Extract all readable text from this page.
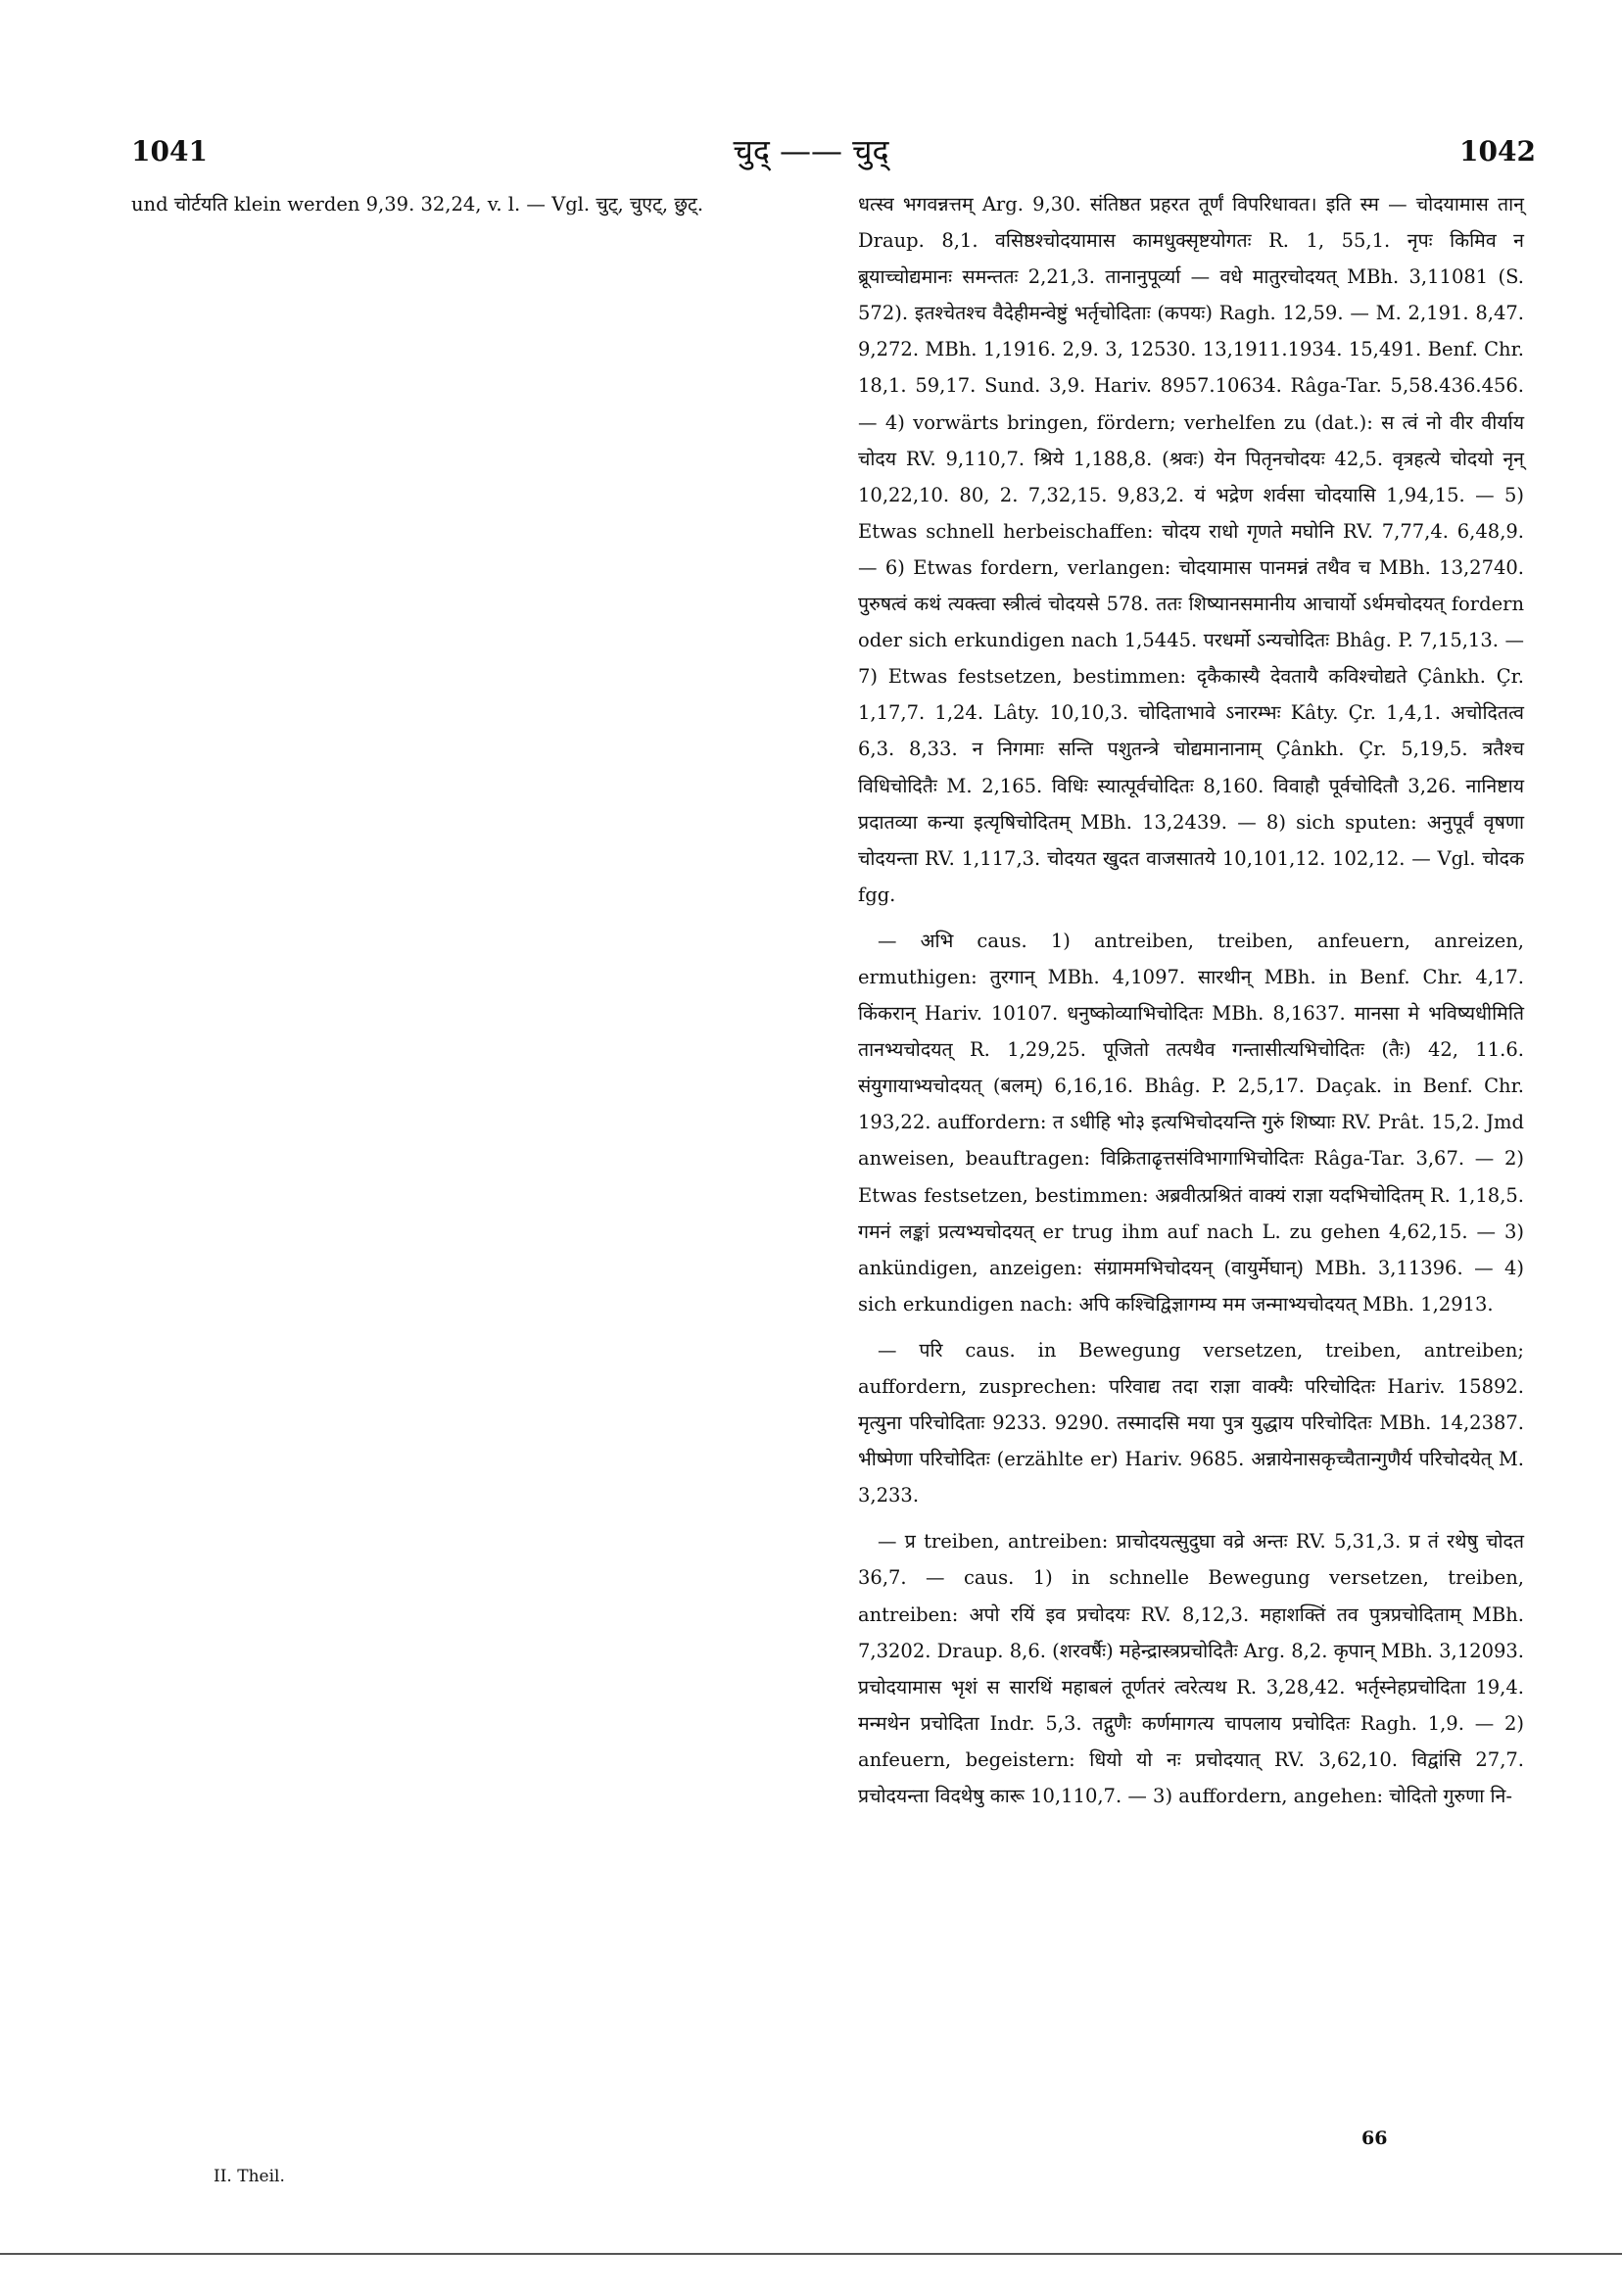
1041	चुद् —— चुद्	1042

und चोर्टयति klein werden 9,39. 32,24, v. l. — Vgl. चुट्, चुएट्, छुट्.	धत्स्व भगवन्नत्तम् Arg. 9,30. संतिष्ठत प्रहरत तूर्णं विपरिधावत। इति स्म — चोदयामास तान् Draup. 8,1. वसिष्ठश्चोदयामास कामधुक्सृष्टयोगतः R. 1, 55,1. नृपः किमिव न ब्रूयाच्चोद्यमानः समन्ततः 2,21,3. तानानुपूर्व्या — वधे मातुरचोदयत् MBh. 3,11081 (S. 572). इतश्चेतश्च वैदेहीमन्वेष्टुं भर्तृचोदिताः (कपयः) Ragh. 12,59. — M. 2,191. 8,47. 9,272. MBh. 1,1916. 2,9. 3, 12530. 13,1911.1934. 15,491. Benf. Chr. 18,1. 59,17. Sund. 3,9. Hariv. 8957.10634. Râga-Tar. 5,58.436.456. — 4) vorwärts bringen, fördern; verhelfen zu (dat.): स त्वं नो वीर वीर्याय चोदय RV. 9,110,7. श्रिये 1,188,8. (श्रवः) येन पितृनचोदयः 42,5. वृत्रहत्ये चोदयो नृन् 10,22,10. 80, 2. 7,32,15. 9,83,2. यं भद्रेण शर्वसा चोदयासि 1,94,15. — 5) Etwas schnell herbeischaffen: चोदय राधो गृणते मघोनि RV. 7,77,4. 6,48,9. — 6) Etwas fordern, verlangen: चोदयामास पानमन्नं तथैव च MBh. 13,2740. पुरुषत्वं कथं त्यक्त्वा स्त्रीत्वं चोदयसे 578. ततः शिष्यानसमानीय आचार्यो ऽर्थमचोदयत् fordern oder sich erkundigen nach 1,5445. परधर्मो ऽन्यचोदितः Bhâg. P. 7,15,13. — 7) Etwas festsetzen, bestimmen: दृकैकास्यै देवतायै कविश्चोद्यते Çânkh. Çr. 1,17,7. 1,24. Lâty. 10,10,3. चोदिताभावे ऽनारम्भः Kâty. Çr. 1,4,1. अचोदितत्व 6,3. 8,33. न निगमाः सन्ति पशुतन्त्रे चोद्यमानानाम् Çânkh. Çr. 5,19,5. त्रतैश्च विधिचोदितैः M. 2,165. विधिः स्यात्पूर्वचोदितः 8,160. विवाहौ पूर्वचोदितौ 3,26. नानिष्टाय प्रदातव्या कन्या इत्यृषिचोदितम् MBh. 13,2439. — 8) sich sputen: अनुपूर्वं वृषणा चोदयन्ता RV. 1,117,3. चोदयत खुदत वाजसातये 10,101,12. 102,12. — Vgl. चोदक fgg.

— अभि caus. 1) antreiben, treiben, anfeuern, anreizen, ermuthigen: तुरगान् MBh. 4,1097. सारथीन् MBh. in Benf. Chr. 4,17. किंकरान् Hariv. 10107. धनुष्कोव्याभिचोदितः MBh. 8,1637. मानसा मे भविष्यधीमिति तानभ्यचोदयत् R. 1,29,25. पूजितो तत्पथैव गन्तासीत्यभिचोदितः (तैः) 42, 11.6. संयुगायाभ्यचोदयत् (बलम्) 6,16,16. Bhâg. P. 2,5,17. Daçak. in Benf. Chr. 193,22. auffordern: त ऽधीहि भो३ इत्यभिचोदयन्ति गुरुं शिष्याः RV. Prât. 15,2. Jmd anweisen, beauftragen: विक्रिताढृत्तसंविभागाभिचोदितः Râga-Tar. 3,67. — 2) Etwas festsetzen, bestimmen: अब्रवीत्प्रश्रितं वाक्यं राज्ञा यदभिचोदितम् R. 1,18,5. गमनं लङ्कां प्रत्यभ्यचोदयत् er trug ihm auf nach L. zu gehen 4,62,15. — 3) ankündigen, anzeigen: संग्राममभिचोदयन् (वायुर्मेघान्) MBh. 3,11396. — 4) sich erkundigen nach: अपि कश्चिद्विज्ञागम्य मम जन्माभ्यचोदयत् MBh. 1,2913.

— परि caus. in Bewegung versetzen, treiben, antreiben; auffordern, zusprechen: परिवाद्य तदा राज्ञा वाक्यैः परिचोदितः Hariv. 15892. मृत्युना परिचोदिताः 9233. 9290. तस्मादसि मया पुत्र युद्धाय परिचोदितः MBh. 14,2387. भीष्मेणा परिचोदितः (erzählte er) Hariv. 9685. अन्नायेनासकृच्चैतान्गुणैर्य परिचोदयेत् M. 3,233.

— प्र treiben, antreiben: प्राचोदयत्सुदुघा वव्रे अन्तः RV. 5,31,3. प्र तं रथेषु चोदत 36,7. — caus. 1) in schnelle Bewegung versetzen, treiben, antreiben: अपो रयिं इव प्रचोदयः RV. 8,12,3. महाशक्तिं तव पुत्रप्रचोदिताम् MBh. 7,3202. Draup. 8,6. (शरवर्षैः) महेन्द्रास्त्रप्रचोदितैः Arg. 8,2. कृपान् MBh. 3,12093. प्रचोदयामास भृशं स सारथिं महाबलं तूर्णतरं त्वरेत्यथ R. 3,28,42. भर्तृस्नेहप्रचोदिता 19,4. मन्मथेन प्रचोदिता Indr. 5,3. तद्गुणैः कर्णमागत्य चापलाय प्रचोदितः Ragh. 1,9. — 2) anfeuern, begeistern: धियो यो नः प्रचोदयात् RV. 3,62,10. विद्वांसि 27,7. प्रचोदयन्ता विदथेषु कारू 10,110,7. — 3) auffordern, angehen: चोदितो गुरुणा नि-

II. Theil.
66
